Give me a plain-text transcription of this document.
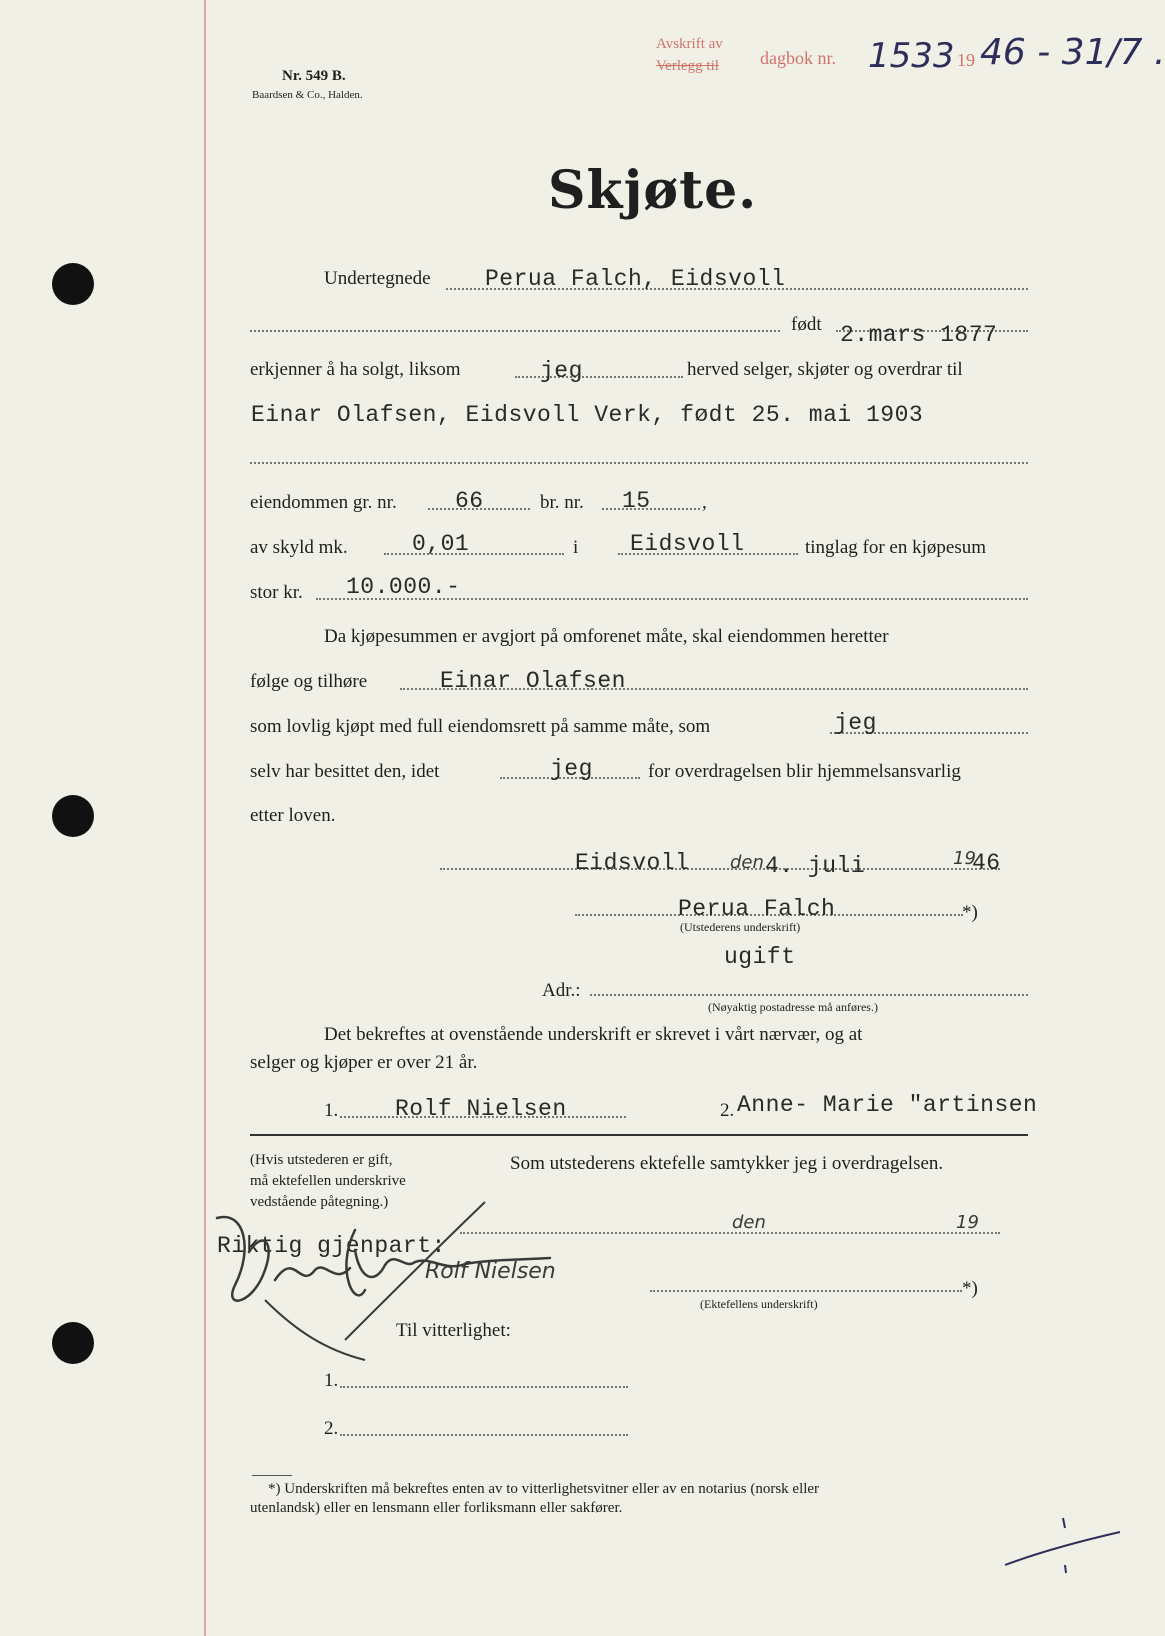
Nr. 549 B.
Baardsen & Co., Halden.
Avskrift av
Verlegg til dagbok nr. 1533 19 46 - 31/7 .
Skjøte.
Undertegnede Perua Falch, Eidsvoll
født 2.mars 1877
erkjenner å ha solgt, liksom	jeg	herved selger, skjøter og overdrar til
Einar Olafsen, Eidsvoll Verk, født 25. mai 1903
eiendommen gr. nr.	66	br. nr. 15	,
av skyld mk.	0,01	i Eidsvoll	tinglag for en kjøpesum
stor kr. 10.000.-
Da kjøpesummen er avgjort på omforenet måte, skal eiendommen heretter
følge og tilhøre	Einar Olafsen
som lovlig kjøpt med full eiendomsrett på samme måte, som	jeg
selv har besittet den, idet	jeg	for overdragelsen blir hjemmelsansvarlig
etter loven.
Eidsvoll den 4. juli	19
46
Perua Falch	*)
(Utstederens underskrift)
ugift
Adr.:
(Nøyaktig postadresse må anføres.)
Det bekreftes at ovenstående underskrift er skrevet i vårt nærvær, og at
selger og kjøper er over 21 år.
1. Rolf Nielsen	2. Anne- Marie "artinsen
(Hvis utstederen er gift,
må ektefellen underskrive
vedstående påtegning.)
Som utstederens ektefelle samtykker jeg i overdragelsen.
den	19
*)
(Ektefellens underskrift)
Riktig gjenpart:
Rolf Nielsen
Til vitterlighet:
1.
2.
*) Underskriften må bekreftes enten av to vitterlighetsvitner eller av en notarius (norsk eller
utenlandsk) eller en lensmann eller forliksmann eller sakfører.
